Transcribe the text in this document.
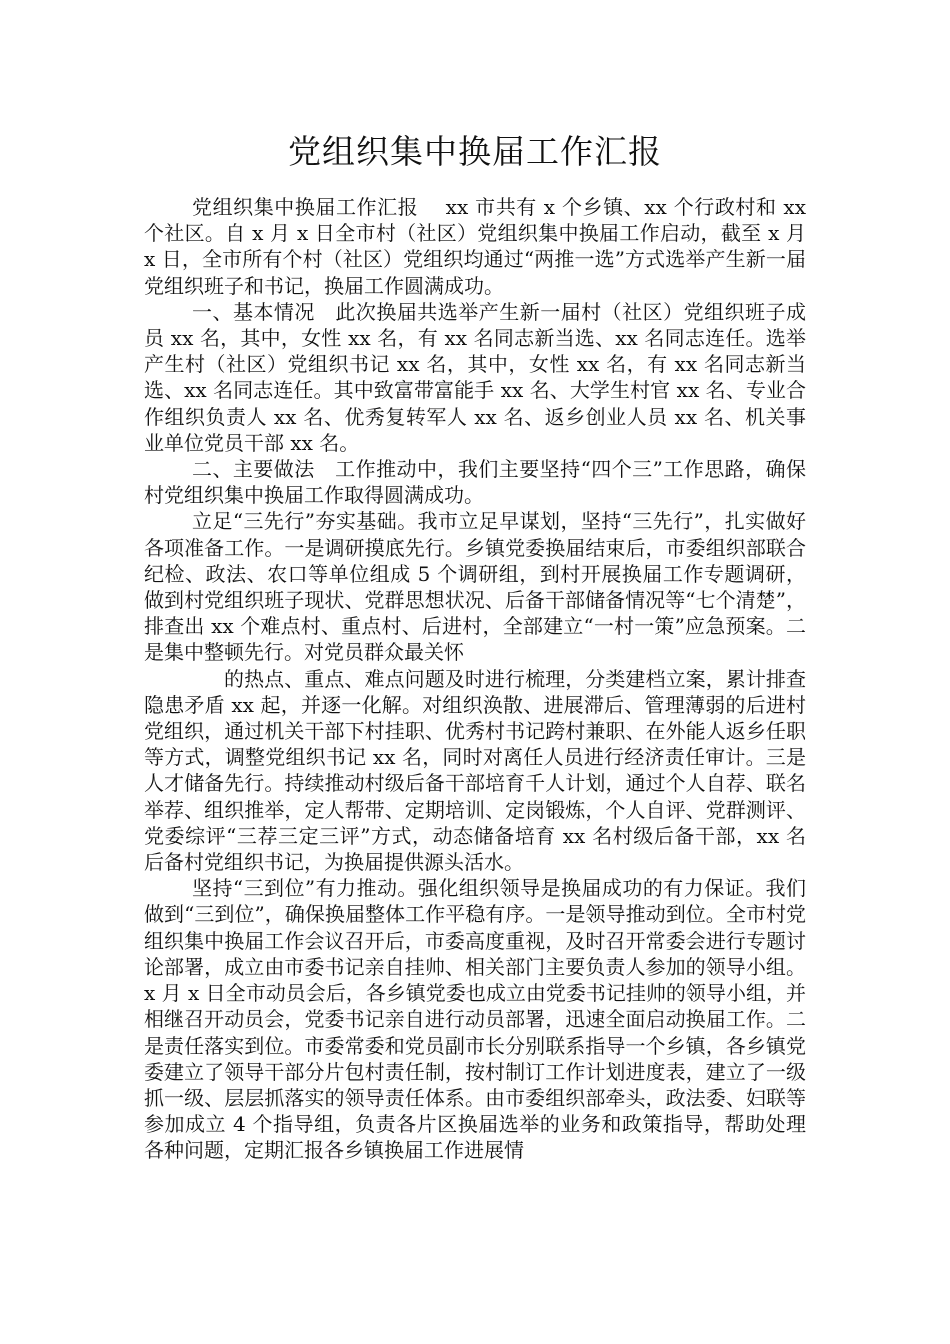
党组织集中换届工作汇报

党组织集中换届工作汇报　 xx 市共有 x 个乡镇、xx 个行政村和 xx 个社区。自 x 月 x 日全市村（社区）党组织集中换届工作启动，截至 x 月 x 日，全市所有个村（社区）党组织均通过“两推一选”方式选举产生新一届党组织班子和书记，换届工作圆满成功。

一、基本情况　此次换届共选举产生新一届村（社区）党组织班子成员 xx 名，其中，女性 xx 名，有 xx 名同志新当选、xx 名同志连任。选举产生村（社区）党组织书记 xx 名，其中，女性 xx 名，有 xx 名同志新当选、xx 名同志连任。其中致富带富能手 xx 名、大学生村官 xx 名、专业合作组织负责人 xx 名、优秀复转军人 xx 名、返乡创业人员 xx 名、机关事业单位党员干部 xx 名。

二、主要做法　工作推动中，我们主要坚持“四个三”工作思路，确保村党组织集中换届工作取得圆满成功。

立足“三先行”夯实基础。我市立足早谋划，坚持“三先行”，扎实做好各项准备工作。一是调研摸底先行。乡镇党委换届结束后，市委组织部联合纪检、政法、农口等单位组成 5 个调研组，到村开展换届工作专题调研，做到村党组织班子现状、党群思想状况、后备干部储备情况等“七个清楚”，排查出 xx 个难点村、重点村、后进村，全部建立“一村一策”应急预案。二是集中整顿先行。对党员群众最关怀

的热点、重点、难点问题及时进行梳理，分类建档立案，累计排查隐患矛盾 xx 起，并逐一化解。对组织涣散、进展滞后、管理薄弱的后进村党组织，通过机关干部下村挂职、优秀村书记跨村兼职、在外能人返乡任职等方式，调整党组织书记 xx 名，同时对离任人员进行经济责任审计。三是人才储备先行。持续推动村级后备干部培育千人计划，通过个人自荐、联名举荐、组织推举，定人帮带、定期培训、定岗锻炼，个人自评、党群测评、党委综评“三荐三定三评”方式，动态储备培育 xx 名村级后备干部，xx 名后备村党组织书记，为换届提供源头活水。

坚持“三到位”有力推动。强化组织领导是换届成功的有力保证。我们做到“三到位”，确保换届整体工作平稳有序。一是领导推动到位。全市村党组织集中换届工作会议召开后，市委高度重视，及时召开常委会进行专题讨论部署，成立由市委书记亲自挂帅、相关部门主要负责人参加的领导小组。x 月 x 日全市动员会后，各乡镇党委也成立由党委书记挂帅的领导小组，并相继召开动员会，党委书记亲自进行动员部署，迅速全面启动换届工作。二是责任落实到位。市委常委和党员副市长分别联系指导一个乡镇，各乡镇党委建立了领导干部分片包村责任制，按村制订工作计划进度表，建立了一级抓一级、层层抓落实的领导责任体系。由市委组织部牵头，政法委、妇联等参加成立 4 个指导组，负责各片区换届选举的业务和政策指导，帮助处理各种问题，定期汇报各乡镇换届工作进展情
